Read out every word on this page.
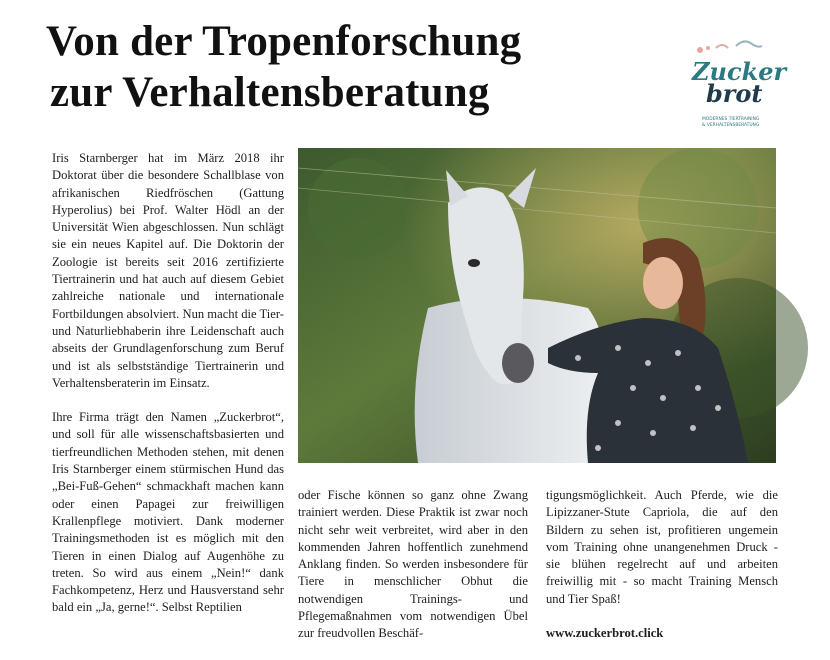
Von der Tropenforschung
zur Verhaltensberatung	Zucker
brot
MODERNES TIERTRAINING
& VERHALTENSBERATUNG

Iris Starnberger hat im März 2018 ihr Doktorat über die besondere Schallblase von afrikanischen Riedfröschen (Gattung Hyperolius) bei Prof. Walter Hödl an der Universität Wien abgeschlossen. Nun schlägt sie ein neues Kapitel auf. Die Doktorin der Zoologie ist bereits seit 2016 zertifizierte Tiertrainerin und hat auch auf diesem Gebiet zahlreiche nationale und internationale Fortbildungen absolviert. Nun macht die Tier- und Naturliebhaberin ihre Leidenschaft auch abseits der Grundlagenforschung zum Beruf und ist als selbstständige Tiertrainerin und Verhaltensberaterin im Einsatz.

Ihre Firma trägt den Namen „Zuckerbrot“, und soll für alle wissenschaftsbasierten und tierfreundlichen Methoden stehen, mit denen Iris Starnberger einem stürmischen Hund das „Bei-Fuß-Gehen“ schmackhaft machen kann oder einen Papagei zur freiwilligen Krallenpflege motiviert. Dank moderner Trainingsmethoden ist es möglich mit den Tieren in einen Dialog auf Augenhöhe zu treten. So wird aus einem „Nein!“ dank Fachkompetenz, Herz und Hausverstand sehr bald ein „Ja, gerne!“. Selbst Reptilien

oder Fische können so ganz ohne Zwang trainiert werden. Diese Praktik ist zwar noch nicht sehr weit verbreitet, wird aber in den kommenden Jahren hoffentlich zunehmend Anklang finden. So werden insbesondere für Tiere in menschlicher Obhut die notwendigen Trainings- und Pflegemaßnahmen vom notwendigen Übel zur freudvollen Beschäf-

tigungsmöglichkeit. Auch Pferde, wie die Lipizzaner-Stute Capriola, die auf den Bildern zu sehen ist, profitieren ungemein vom Training ohne unangenehmen Druck - sie blühen regelrecht auf und arbeiten freiwillig mit - so macht Training Mensch und Tier Spaß!

www.zuckerbrot.click
